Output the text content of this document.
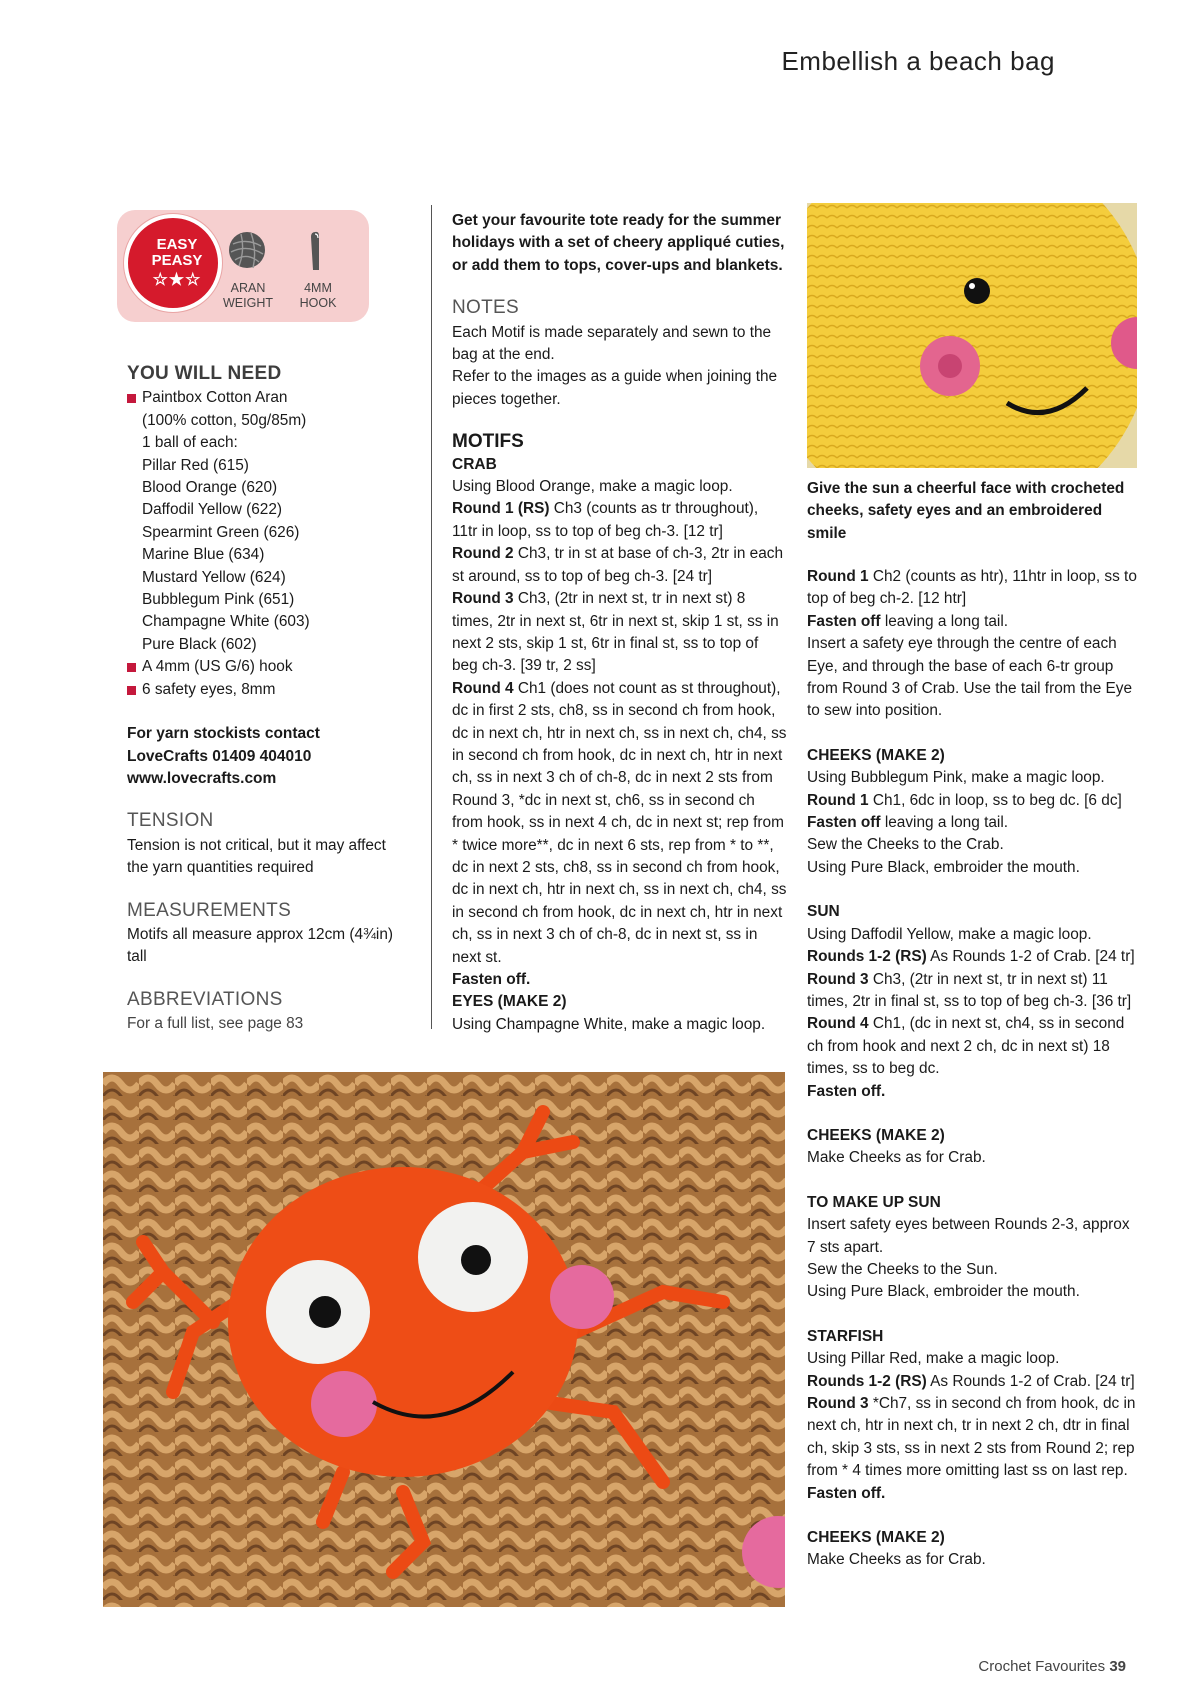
Embellish a beach bag
EASY
PEASY
☆★☆	ARAN
WEIGHT
4MM
HOOK
YOU WILL NEED
Paintbox Cotton Aran
(100% cotton, 50g/85m)
1 ball of each:
Pillar Red (615)
Blood Orange (620)
Daffodil Yellow (622)
Spearmint Green (626)
Marine Blue (634)
Mustard Yellow (624)
Bubblegum Pink (651)
Champagne White (603)
Pure Black (602)
A 4mm (US G/6) hook
6 safety eyes, 8mm

For yarn stockists contact

LoveCrafts 01409 404010

www.lovecrafts.com

TENSION

Tension is not critical, but it may affect the yarn quantities required

MEASUREMENTS

Motifs all measure approx 12cm (4¾in) tall

ABBREVIATIONS

For a full list, see page 83

Get your favourite tote ready for the summer holidays with a set of cheery appliqué cuties, or add them to tops, cover-ups and blankets.

NOTES

Each Motif is made separately and sewn to the bag at the end.

Refer to the images as a guide when joining the pieces together.

MOTIFS

CRAB

Using Blood Orange, make a magic loop.

Round 1 (RS) Ch3 (counts as tr throughout), 11tr in loop, ss to top of beg ch-3. [12 tr]

Round 2 Ch3, tr in st at base of ch-3, 2tr in each st around, ss to top of beg ch-3. [24 tr]

Round 3 Ch3, (2tr in next st, tr in next st) 8 times, 2tr in next st, 6tr in next st, skip 1 st, ss in next 2 sts, skip 1 st, 6tr in final st, ss to top of beg ch-3. [39 tr, 2 ss]

Round 4 Ch1 (does not count as st throughout), dc in first 2 sts, ch8, ss in second ch from hook, dc in next ch, htr in next ch, ss in next ch, ch4, ss in second ch from hook, dc in next ch, htr in next ch, ss in next 3 ch of ch-8, dc in next 2 sts from Round 3, *dc in next st, ch6, ss in second ch from hook, ss in next 4 ch, dc in next st; rep from * twice more**, dc in next 6 sts, rep from * to **, dc in next 2 sts, ch8, ss in second ch from hook, dc in next ch, htr in next ch, ss in next ch, ch4, ss in second ch from hook, dc in next ch, htr in next ch, ss in next 3 ch of ch-8, dc in next st, ss in next st.

Fasten off.

EYES (MAKE 2)

Using Champagne White, make a magic loop.

Give the sun a cheerful face with crocheted cheeks, safety eyes and an embroidered smile

Round 1 Ch2 (counts as htr), 11htr in loop, ss to top of beg ch-2. [12 htr]

Fasten off leaving a long tail.

Insert a safety eye through the centre of each Eye, and through the base of each 6-tr group from Round 3 of Crab. Use the tail from the Eye to sew into position.

CHEEKS (MAKE 2)

Using Bubblegum Pink, make a magic loop.

Round 1 Ch1, 6dc in loop, ss to beg dc. [6 dc]

Fasten off leaving a long tail.

Sew the Cheeks to the Crab.

Using Pure Black, embroider the mouth.

SUN

Using Daffodil Yellow, make a magic loop.

Rounds 1-2 (RS) As Rounds 1-2 of Crab. [24 tr]

Round 3 Ch3, (2tr in next st, tr in next st) 11 times, 2tr in final st, ss to top of beg ch-3. [36 tr]

Round 4 Ch1, (dc in next st, ch4, ss in second ch from hook and next 2 ch, dc in next st) 18 times, ss to beg dc.

Fasten off.

CHEEKS (MAKE 2)

Make Cheeks as for Crab.

TO MAKE UP SUN

Insert safety eyes between Rounds 2-3, approx 7 sts apart.

Sew the Cheeks to the Sun.

Using Pure Black, embroider the mouth.

STARFISH

Using Pillar Red, make a magic loop.

Rounds 1-2 (RS) As Rounds 1-2 of Crab. [24 tr]

Round 3 *Ch7, ss in second ch from hook, dc in next ch, htr in next ch, tr in next 2 ch, dtr in final ch, skip 3 sts, ss in next 2 sts from Round 2; rep from * 4 times more omitting last ss on last rep.

Fasten off.

CHEEKS (MAKE 2)

Make Cheeks as for Crab.

Crochet Favourites 39
